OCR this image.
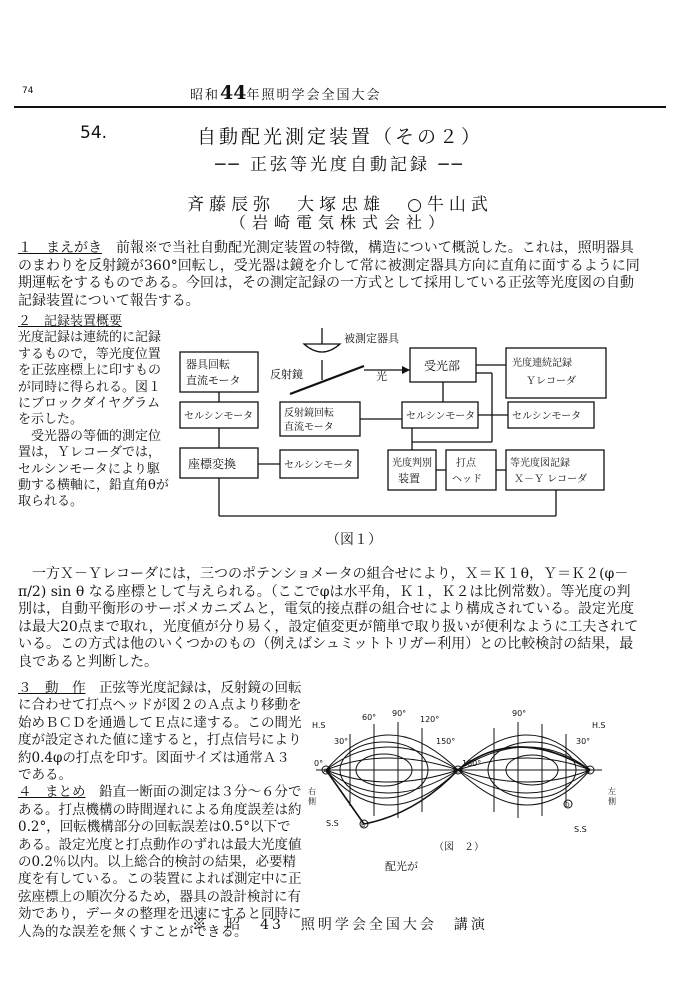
74	昭和44年照明学会全国大会
54.	自動配光測定装置（その２）
── 正弦等光度自動記録 ──
斉藤辰弥　大塚忠雄　○牛山武
（岩崎電気株式会社）
１　まえがき　 前報※で当社自動配光測定装置の特徴，構造について概説した。これは，照明器具のまわりを反射鏡が360°回転し，受光器は鏡を介して常に被測定器具方向に直角に面するように同期運転をするものである。今回は，その測定記録の一方式として採用している正弦等光度図の自動記録装置について報告する。
２　記録装置概要
光度記録は連続的に記録するもので，等光度位置を正弦座標上に印すものが同時に得られる。図１にブロックダイヤグラムを示した。
受光器の等価的測定位置は，Ｙレコーダでは，セルシンモータにより駆動する横軸に，鉛直角θが取られる。
被測定器具
反射鏡	光
受光部
器具回転
直流モータ
セルシンモータ
座標変換
反射鏡回転
直流モータ
セルシンモータ
セルシンモータ
光度連続記録
Ｙレコーダ
セルシンモータ
光度判別
装置
打点
ヘッド
等光度図記録
Ｘ－Ｙ レコーダ
（図１）
一方Ｘ－Ｙレコーダには，三つのポテンショメータの組合せにより，Ｘ＝Ｋ１θ，Ｙ＝Ｋ２(φ－π/2) sin θ なる座標として与えられる。（ここでφは水平角，Ｋ１，Ｋ２は比例常数）。等光度の判別は，自動平衡形のサーボメカニズムと，電気的接点群の組合せにより構成されている。設定光度は最大20点まで取れ，光度値が分り易く，設定値変更が簡単で取り扱いが便利なように工夫されている。この方式は他のいくつかのもの（例えばシュミットトリガー利用）との比較検討の結果，最良であると判断した。
３　動　作　 正弦等光度記録は，反射鏡の回転に合わせて打点ヘッドが図２のＡ点より移動を始めＢＣＤを通過してＥ点に達する。この間光度が設定された値に達すると，打点信号により約0.4φの打点を印す。図面サイズは通常Ａ３である。
４　まとめ　 鉛直一断面の測定は３分～６分である。打点機構の時間遅れによる角度誤差は約0.2°，回転機構部分の回転誤差は0.5°以下である。設定光度と打点動作のずれは最大光度値の0.2％以内。以上総合的検討の結果，必要精度を有している。この装置によれば測定中に正弦座標上の順次分るため，器具の設計検討に有効であり，データの整理を迅速にすると同時に人為的な誤差を無くすことができる。
配光が
H.S	H.S
S.S
S.S
右
側
左
側
A
B
C
D
E
0°
30°
60° 90°
120°
150°
180°
90°
30°
（図　２）
※　昭　43　照明学会全国大会　講演
